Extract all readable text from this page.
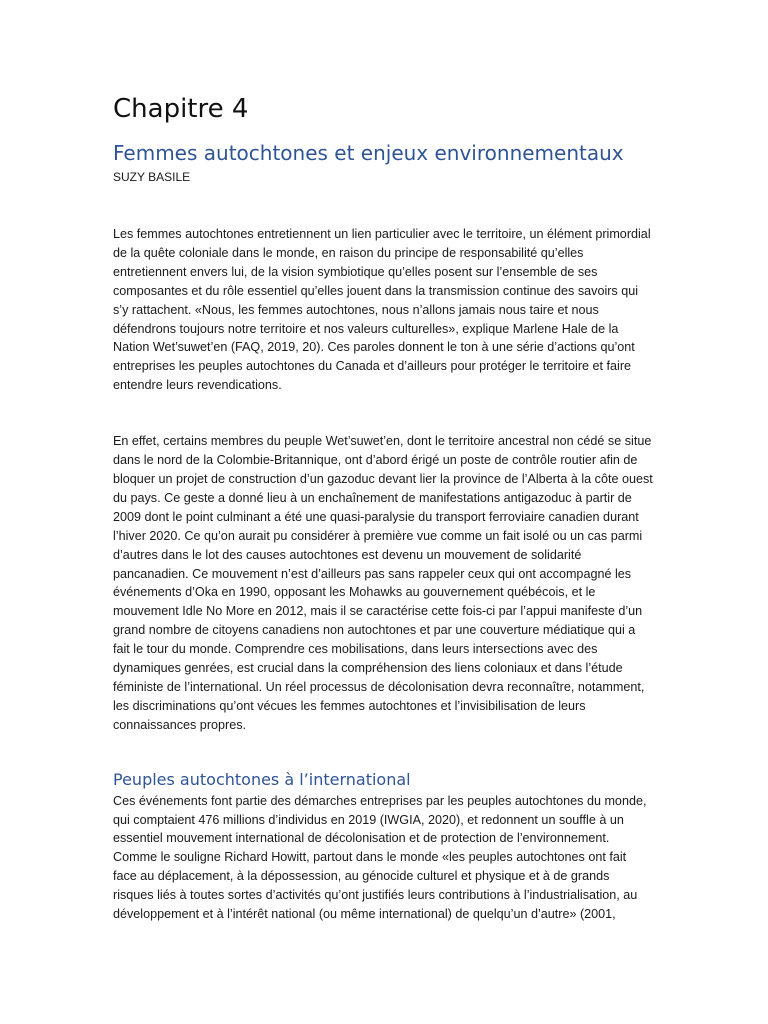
Chapitre 4
Femmes autochtones et enjeux environnementaux
SUZY BASILE

Les femmes autochtones entretiennent un lien particulier avec le territoire, un élément primordial de la quête coloniale dans le monde, en raison du principe de responsabilité qu’elles entretiennent envers lui, de la vision symbiotique qu’elles posent sur l’ensemble de ses composantes et du rôle essentiel qu’elles jouent dans la transmission continue des savoirs qui s’y rattachent. «Nous, les femmes autochtones, nous n’allons jamais nous taire et nous défendrons toujours notre territoire et nos valeurs culturelles», explique Marlene Hale de la Nation Wet’suwet’en (FAQ, 2019, 20). Ces paroles donnent le ton à une série d’actions qu’ont entreprises les peuples autochtones du Canada et d’ailleurs pour protéger le territoire et faire entendre leurs revendications.

En effet, certains membres du peuple Wet’suwet’en, dont le territoire ancestral non cédé se situe dans le nord de la Colombie-Britannique, ont d’abord érigé un poste de contrôle routier afin de bloquer un projet de construction d’un gazoduc devant lier la province de l’Alberta à la côte ouest du pays. Ce geste a donné lieu à un enchaînement de manifestations antigazoduc à partir de 2009 dont le point culminant a été une quasi-paralysie du transport ferroviaire canadien durant l’hiver 2020. Ce qu’on aurait pu considérer à première vue comme un fait isolé ou un cas parmi d’autres dans le lot des causes autochtones est devenu un mouvement de solidarité pancanadien. Ce mouvement n’est d’ailleurs pas sans rappeler ceux qui ont accompagné les événements d’Oka en 1990, opposant les Mohawks au gouvernement québécois, et le mouvement Idle No More en 2012, mais il se caractérise cette fois-ci par l’appui manifeste d’un grand nombre de citoyens canadiens non autochtones et par une couverture médiatique qui a fait le tour du monde. Comprendre ces mobilisations, dans leurs intersections avec des dynamiques genrées, est crucial dans la compréhension des liens coloniaux et dans l’étude féministe de l’international. Un réel processus de décolonisation devra reconnaître, notamment, les discriminations qu’ont vécues les femmes autochtones et l’invisibilisation de leurs connaissances propres.

Peuples autochtones à l’international

Ces événements font partie des démarches entreprises par les peuples autochtones du monde, qui comptaient 476 millions d’individus en 2019 (IWGIA, 2020), et redonnent un souffle à un essentiel mouvement international de décolonisation et de protection de l’environnement. Comme le souligne Richard Howitt, partout dans le monde «les peuples autochtones ont fait face au déplacement, à la dépossession, au génocide culturel et physique et à de grands risques liés à toutes sortes d’activités qu’ont justifiés leurs contributions à l’industrialisation, au développement et à l’intérêt national (ou même international) de quelqu’un d’autre» (2001,
